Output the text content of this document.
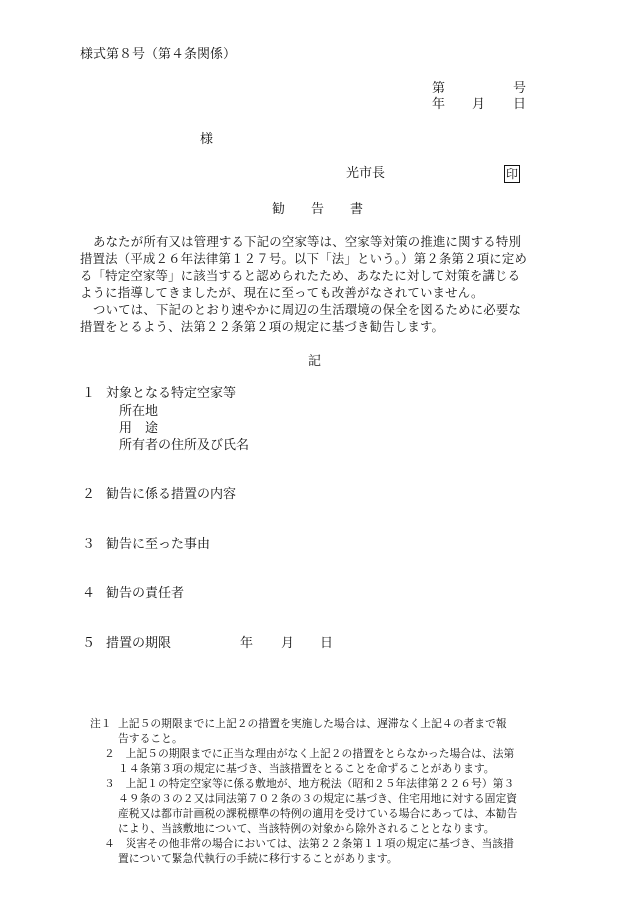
様式第８号（第４条関係）
第	号
年 月 日
様
光市長	印
勧　　告　　書
あなたが所有又は管理する下記の空家等は、空家等対策の推進に関する特別
措置法（平成２６年法律第１２７号。以下「法」という。）第２条第２項に定め
る「特定空家等」に該当すると認められたため、あなたに対して対策を講じる
ように指導してきましたが、現在に至っても改善がなされていません。
ついては、下記のとおり速やかに周辺の生活環境の保全を図るために必要な
措置をとるよう、法第２２条第２項の規定に基づき勧告します。
記
１ 対象となる特定空家等
所在地
用　途
所有者の住所及び氏名
２ 勧告に係る措置の内容
３ 勧告に至った事由
４ 勧告の責任者
５ 措置の期限	年 月 日
注１ 上記５の期限までに上記２の措置を実施した場合は、遅滞なく上記４の者まで報
告すること。
２　上記５の期限までに正当な理由がなく上記２の措置をとらなかった場合は、法第
１４条第３項の規定に基づき、当該措置をとることを命ずることがあります。
３　上記１の特定空家等に係る敷地が、地方税法（昭和２５年法律第２２６号）第３
４９条の３の２又は同法第７０２条の３の規定に基づき、住宅用地に対する固定資
産税又は都市計画税の課税標準の特例の適用を受けている場合にあっては、本勧告
により、当該敷地について、当該特例の対象から除外されることとなります。
４　災害その他非常の場合においては、法第２２条第１１項の規定に基づき、当該措
置について緊急代執行の手続に移行することがあります。
